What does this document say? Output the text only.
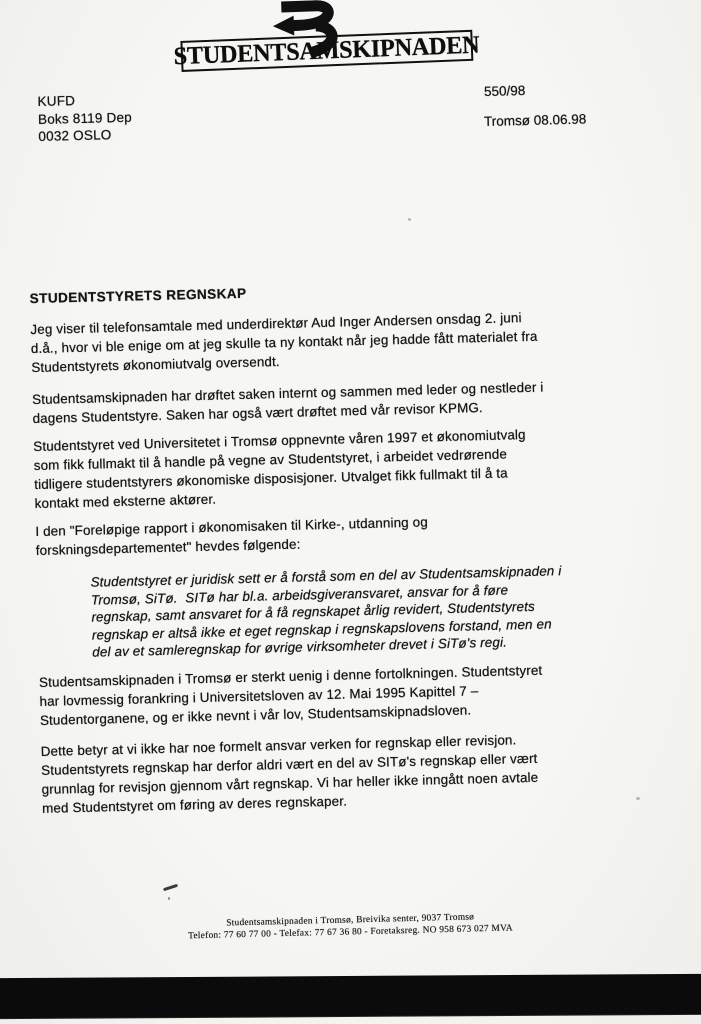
STUDENTSAMSKIPNADEN
550/98
Tromsø 08.06.98
KUFD
Boks 8119 Dep
0032 OSLO
STUDENTSTYRETS REGNSKAP

Jeg viser til telefonsamtale med underdirektør Aud Inger Andersen onsdag 2. juni
d.å., hvor vi ble enige om at jeg skulle ta ny kontakt når jeg hadde fått materialet fra
Studentstyrets økonomiutvalg oversendt.

Studentsamskipnaden har drøftet saken internt og sammen med leder og nestleder i
dagens Studentstyre. Saken har også vært drøftet med vår revisor KPMG.

Studentstyret ved Universitetet i Tromsø oppnevnte våren 1997 et økonomiutvalg
som fikk fullmakt til å handle på vegne av Studentstyret, i arbeidet vedrørende
tidligere studentstyrers økonomiske disposisjoner. Utvalget fikk fullmakt til å ta
kontakt med eksterne aktører.

I den "Foreløpige rapport i økonomisaken til Kirke-, utdanning og
forskningsdepartementet" hevdes følgende:

Studentstyret er juridisk sett er å forstå som en del av Studentsamskipnaden i
Tromsø, SiTø.  SITø har bl.a. arbeidsgiveransvaret, ansvar for å føre
regnskap, samt ansvaret for å få regnskapet årlig revidert, Studentstyrets
regnskap er altså ikke et eget regnskap i regnskapslovens forstand, men en
del av et samleregnskap for øvrige virksomheter drevet i SiTø's regi.

Studentsamskipnaden i Tromsø er sterkt uenig i denne fortolkningen. Studentstyret
har lovmessig forankring i Universitetsloven av 12. Mai 1995 Kapittel 7 –
Studentorganene, og er ikke nevnt i vår lov, Studentsamskipnadsloven.

Dette betyr at vi ikke har noe formelt ansvar verken for regnskap eller revisjon.
Studentstyrets regnskap har derfor aldri vært en del av SITø's regnskap eller vært
grunnlag for revisjon gjennom vårt regnskap. Vi har heller ikke inngått noen avtale
med Studentstyret om føring av deres regnskaper.

Studentsamskipnaden i Tromsø, Breivika senter, 9037 Tromsø
Telefon: 77 60 77 00 - Telefax: 77 67 36 80 - Foretaksreg. NO 958 673 027 MVA
